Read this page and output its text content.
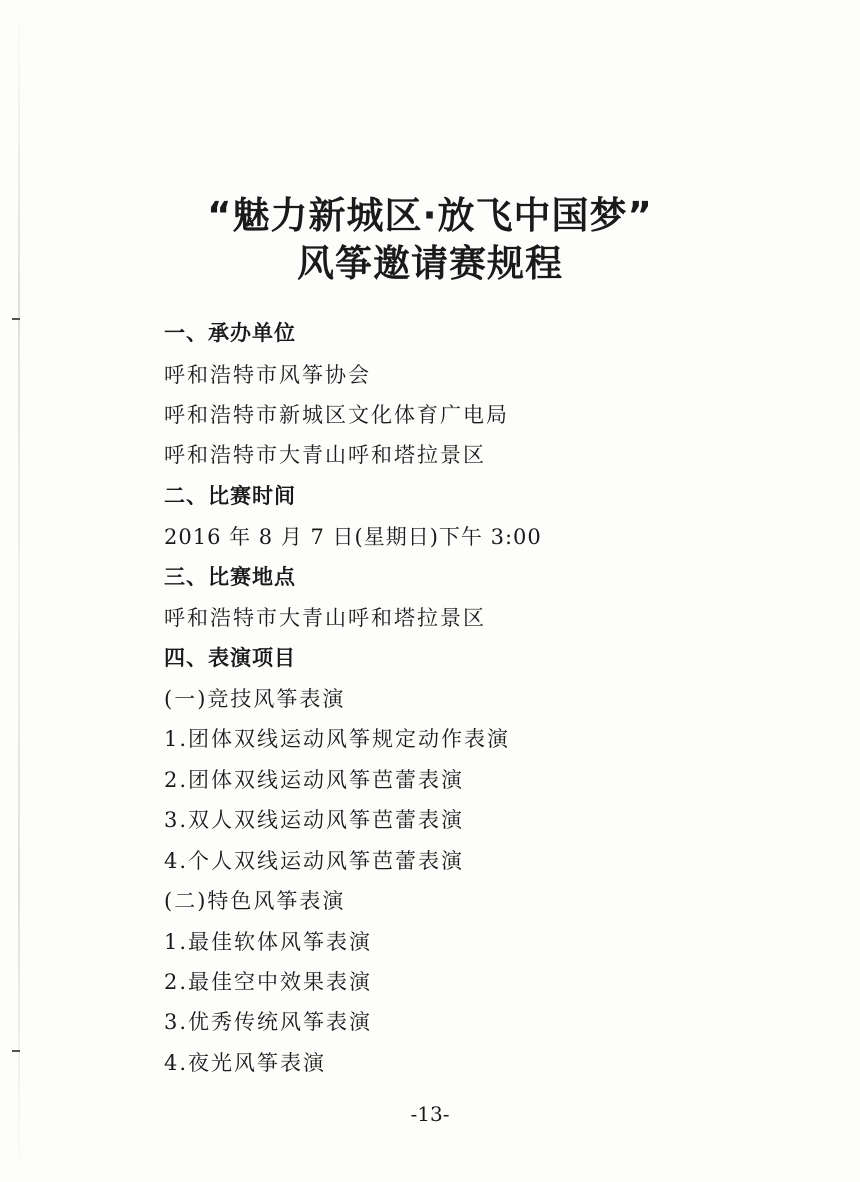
“魅力新城区·放飞中国梦”
风筝邀请赛规程
一、承办单位
呼和浩特市风筝协会
呼和浩特市新城区文化体育广电局
呼和浩特市大青山呼和塔拉景区
二、比赛时间
2016 年 8 月 7 日(星期日)下午 3:00
三、比赛地点
呼和浩特市大青山呼和塔拉景区
四、表演项目
(一)竞技风筝表演
1.团体双线运动风筝规定动作表演
2.团体双线运动风筝芭蕾表演
3.双人双线运动风筝芭蕾表演
4.个人双线运动风筝芭蕾表演
(二)特色风筝表演
1.最佳软体风筝表演
2.最佳空中效果表演
3.优秀传统风筝表演
4.夜光风筝表演
-13-
